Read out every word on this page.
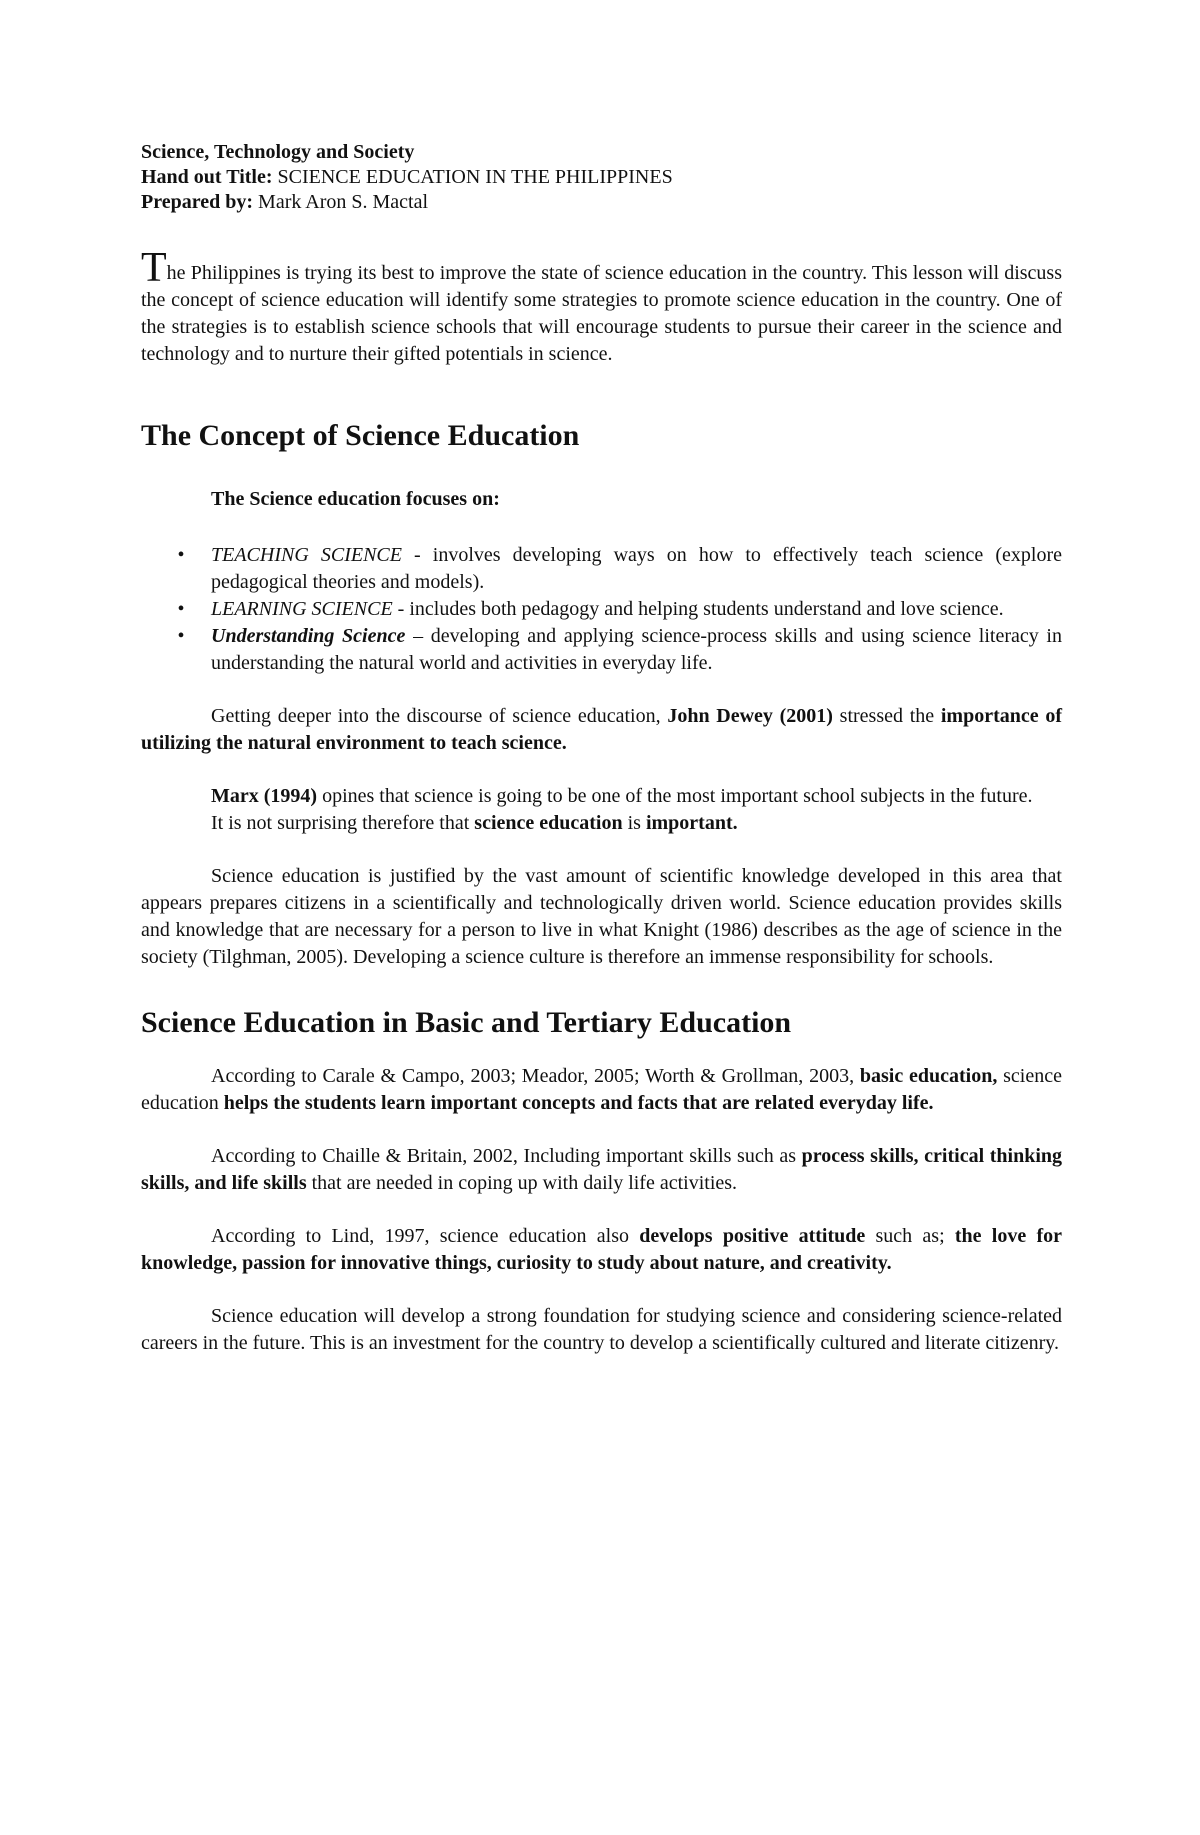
Science, Technology and Society

Hand out Title: SCIENCE EDUCATION IN THE PHILIPPINES

Prepared by: Mark Aron S. Mactal

The Philippines is trying its best to improve the state of science education in the country. This lesson will discuss the concept of science education will identify some strategies to promote science education in the country. One of the strategies is to establish science schools that will encourage students to pursue their career in the science and technology and to nurture their gifted potentials in science.

The Concept of Science Education
The Science education focuses on:
•	TEACHING SCIENCE - involves developing ways on how to effectively teach science (explore pedagogical theories and models).
•	LEARNING SCIENCE - includes both pedagogy and helping students understand and love science.
•	Understanding Science – developing and applying science-process skills and using science literacy in understanding the natural world and activities in everyday life.

Getting deeper into the discourse of science education, John Dewey (2001) stressed the importance of utilizing the natural environment to teach science.

Marx (1994) opines that science is going to be one of the most important school subjects in the future.

It is not surprising therefore that science education is important.

Science education is justified by the vast amount of scientific knowledge developed in this area that appears prepares citizens in a scientifically and technologically driven world. Science education provides skills and knowledge that are necessary for a person to live in what Knight (1986) describes as the age of science in the society (Tilghman, 2005). Developing a science culture is therefore an immense responsibility for schools.

Science Education in Basic and Tertiary Education

According to Carale & Campo, 2003; Meador, 2005; Worth & Grollman, 2003, basic education, science education helps the students learn important concepts and facts that are related everyday life.

According to Chaille & Britain, 2002, Including important skills such as process skills, critical thinking skills, and life skills that are needed in coping up with daily life activities.

According to Lind, 1997, science education also develops positive attitude such as; the love for knowledge, passion for innovative things, curiosity to study about nature, and creativity.

Science education will develop a strong foundation for studying science and considering science-related careers in the future. This is an investment for the country to develop a scientifically cultured and literate citizenry.
